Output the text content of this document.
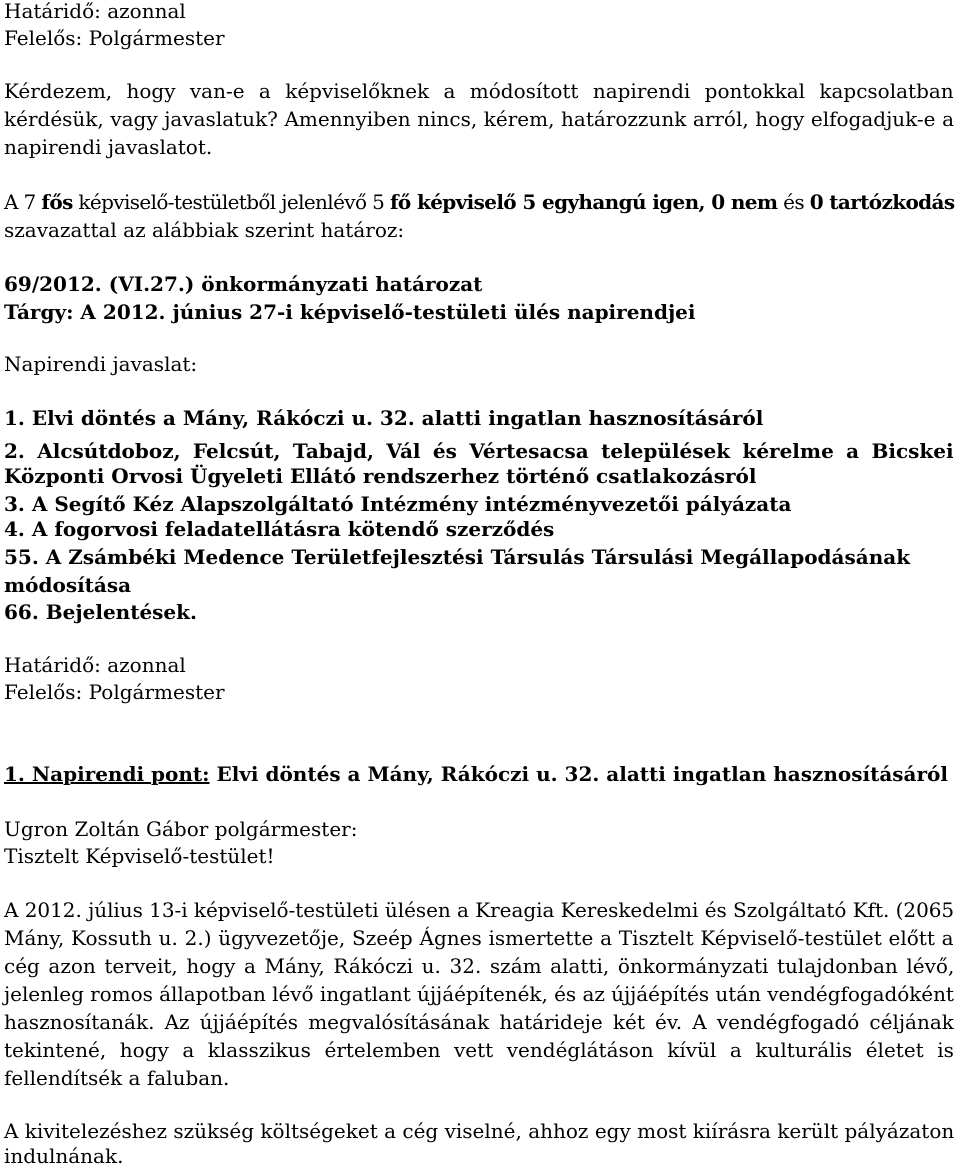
Határidő: azonnal
Felelős: Polgármester
Kérdezem, hogy van-e a képviselőknek a módosított napirendi pontokkal kapcsolatban
kérdésük, vagy javaslatuk? Amennyiben nincs, kérem, határozzunk arról, hogy elfogadjuk-e a
napirendi javaslatot.
A 7 fős képviselő-testületből jelenlévő 5 fő képviselő 5 egyhangú igen, 0 nem és 0 tartózkodás
szavazattal az alábbiak szerint határoz:
69/2012. (VI.27.) önkormányzati határozat
Tárgy: A 2012. június 27-i képviselő-testületi ülés napirendjei
Napirendi javaslat:
1. Elvi döntés a Mány, Rákóczi u. 32. alatti ingatlan hasznosításáról
2. Alcsútdoboz, Felcsút, Tabajd, Vál és Vértesacsa települések kérelme a Bicskei
Központi Orvosi Ügyeleti Ellátó rendszerhez történő csatlakozásról
3. A Segítő Kéz Alapszolgáltató Intézmény intézményvezetői pályázata
4. A fogorvosi feladatellátásra kötendő szerződés
55. A Zsámbéki Medence Területfejlesztési Társulás Társulási Megállapodásának
módosítása
66. Bejelentések.
Határidő: azonnal
Felelős: Polgármester
1. Napirendi pont: Elvi döntés a Mány, Rákóczi u. 32. alatti ingatlan hasznosításáról
Ugron Zoltán Gábor polgármester:
Tisztelt Képviselő-testület!
A 2012. július 13-i képviselő-testületi ülésen a Kreagia Kereskedelmi és Szolgáltató Kft. (2065
Mány, Kossuth u. 2.) ügyvezetője, Szeép Ágnes ismertette a Tisztelt Képviselő-testület előtt a
cég azon terveit, hogy a Mány, Rákóczi u. 32. szám alatti, önkormányzati tulajdonban lévő,
jelenleg romos állapotban lévő ingatlant újjáépítenék, és az újjáépítés után vendégfogadóként
hasznosítanák. Az újjáépítés megvalósításának határideje két év. A vendégfogadó céljának
tekintené, hogy a klasszikus értelemben vett vendéglátáson kívül a kulturális életet is
fellendítsék a faluban.
A kivitelezéshez szükség költségeket a cég viselné, ahhoz egy most kiírásra került pályázaton
indulnának.
